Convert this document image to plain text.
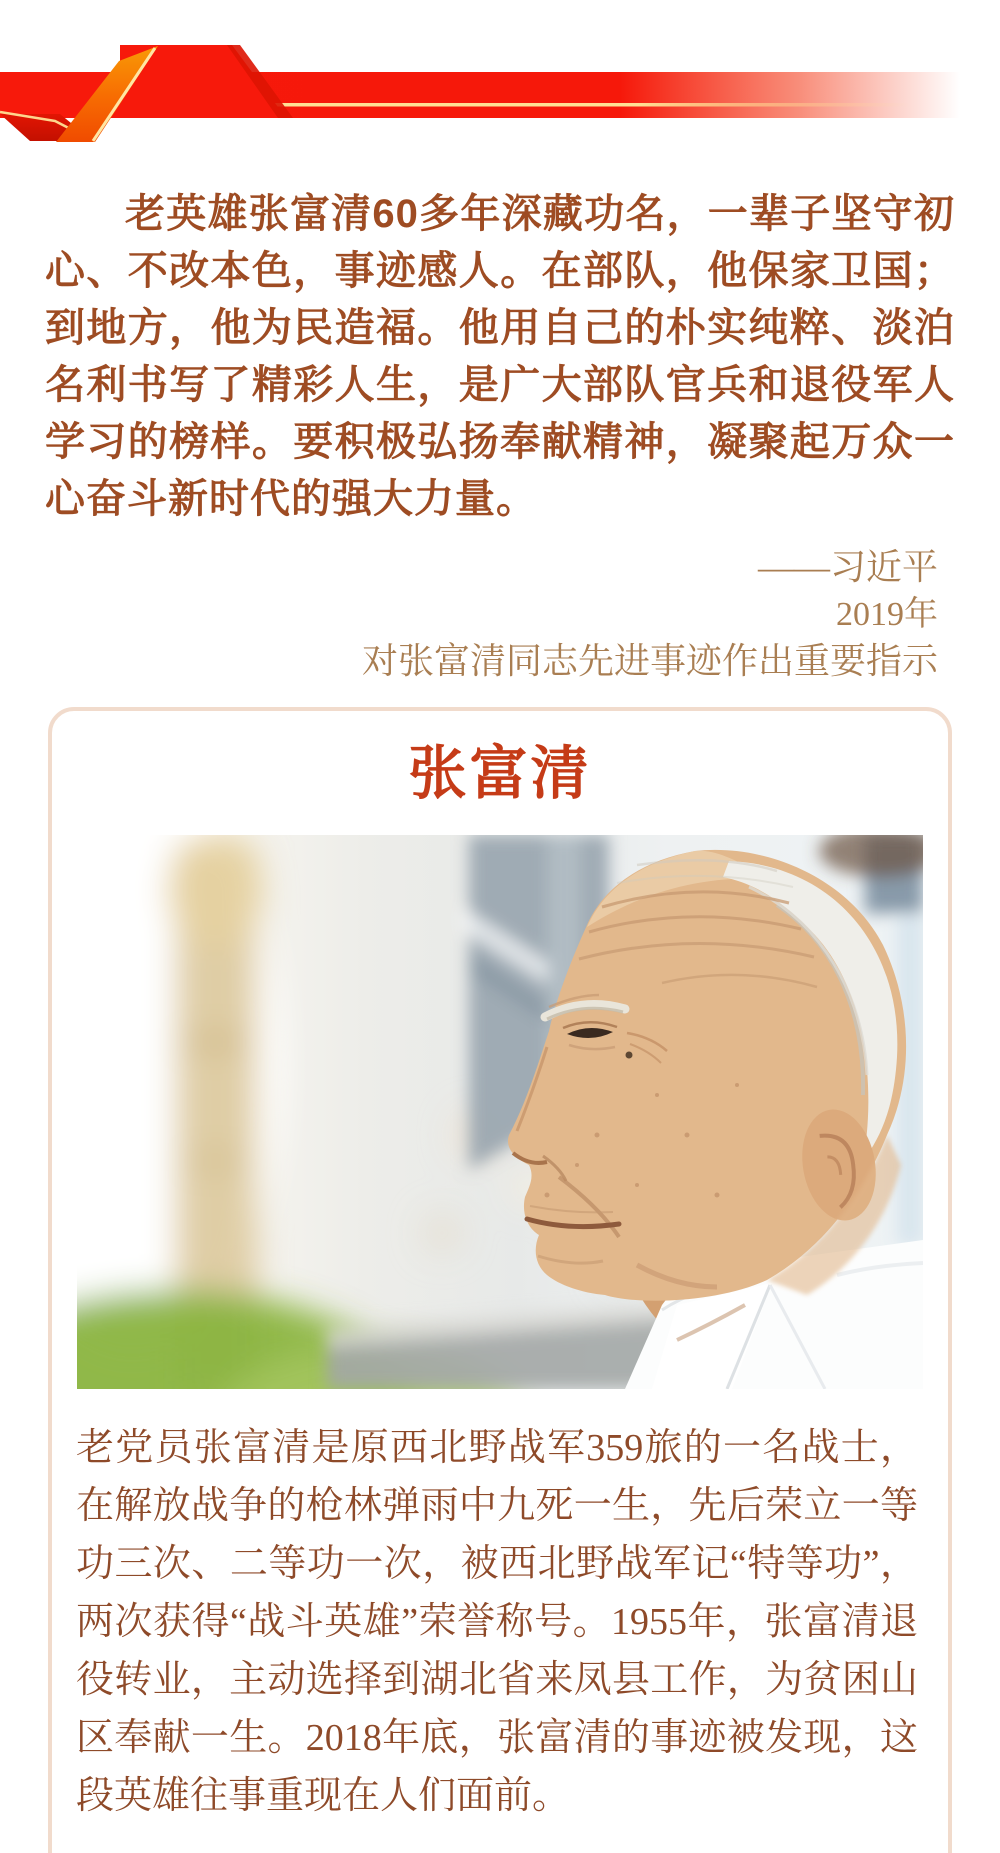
老英雄张富清60多年深藏功名，一辈子坚守初心、不改本色，事迹感人。在部队，他保家卫国；到地方，他为民造福。他用自己的朴实纯粹、淡泊名利书写了精彩人生，是广大部队官兵和退役军人学习的榜样。要积极弘扬奉献精神，凝聚起万众一心奋斗新时代的强大力量。

——习近平
2019年
对张富清同志先进事迹作出重要指示
张富清

老党员张富清是原西北野战军359旅的一名战士，在解放战争的枪林弹雨中九死一生，先后荣立一等功三次、二等功一次，被西北野战军记“特等功”，两次获得“战斗英雄”荣誉称号。1955年，张富清退役转业，主动选择到湖北省来凤县工作，为贫困山区奉献一生。2018年底，张富清的事迹被发现，这段英雄往事重现在人们面前。
